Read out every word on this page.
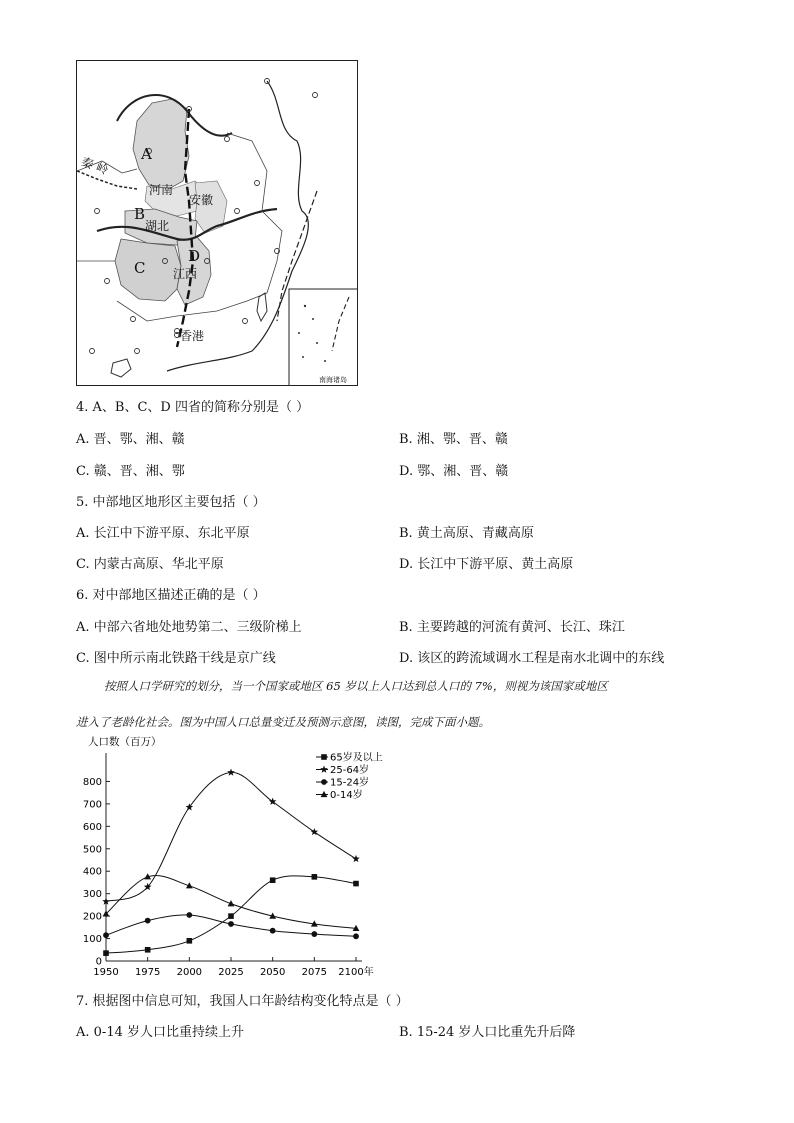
A
B
C
D
河南
安徽
湖北
江西
香港
秦 岭
南海诸岛
4. A、B、C、D 四省的简称分别是（ ）
A. 晋、鄂、湘、赣	B. 湘、鄂、晋、赣
C. 赣、晋、湘、鄂	D. 鄂、湘、晋、赣
5. 中部地区地形区主要包括（ ）
A. 长江中下游平原、东北平原	B. 黄土高原、青藏高原
C. 内蒙古高原、华北平原	D. 长江中下游平原、黄土高原
6. 对中部地区描述正确的是（ ）
A. 中部六省地处地势第二、三级阶梯上	B. 主要跨越的河流有黄河、长江、珠江
C. 图中所示南北铁路干线是京广线	D. 该区的跨流域调水工程是南水北调中的东线
按照人口学研究的划分，当一个国家或地区 65 岁以上人口达到总人口的 7%，则视为该国家或地区
进入了老龄化社会。图为中国人口总量变迁及预测示意图，读图，完成下面小题。
人口数（百万）
0
100
200
300
400
500
600
700
800
1950 1975 2000 2025 2050 2075 2100年
65岁及以上
25-64岁
15-24岁
0-14岁
7. 根据图中信息可知，我国人口年龄结构变化特点是（ ）
A. 0-14 岁人口比重持续上升	B. 15-24 岁人口比重先升后降
